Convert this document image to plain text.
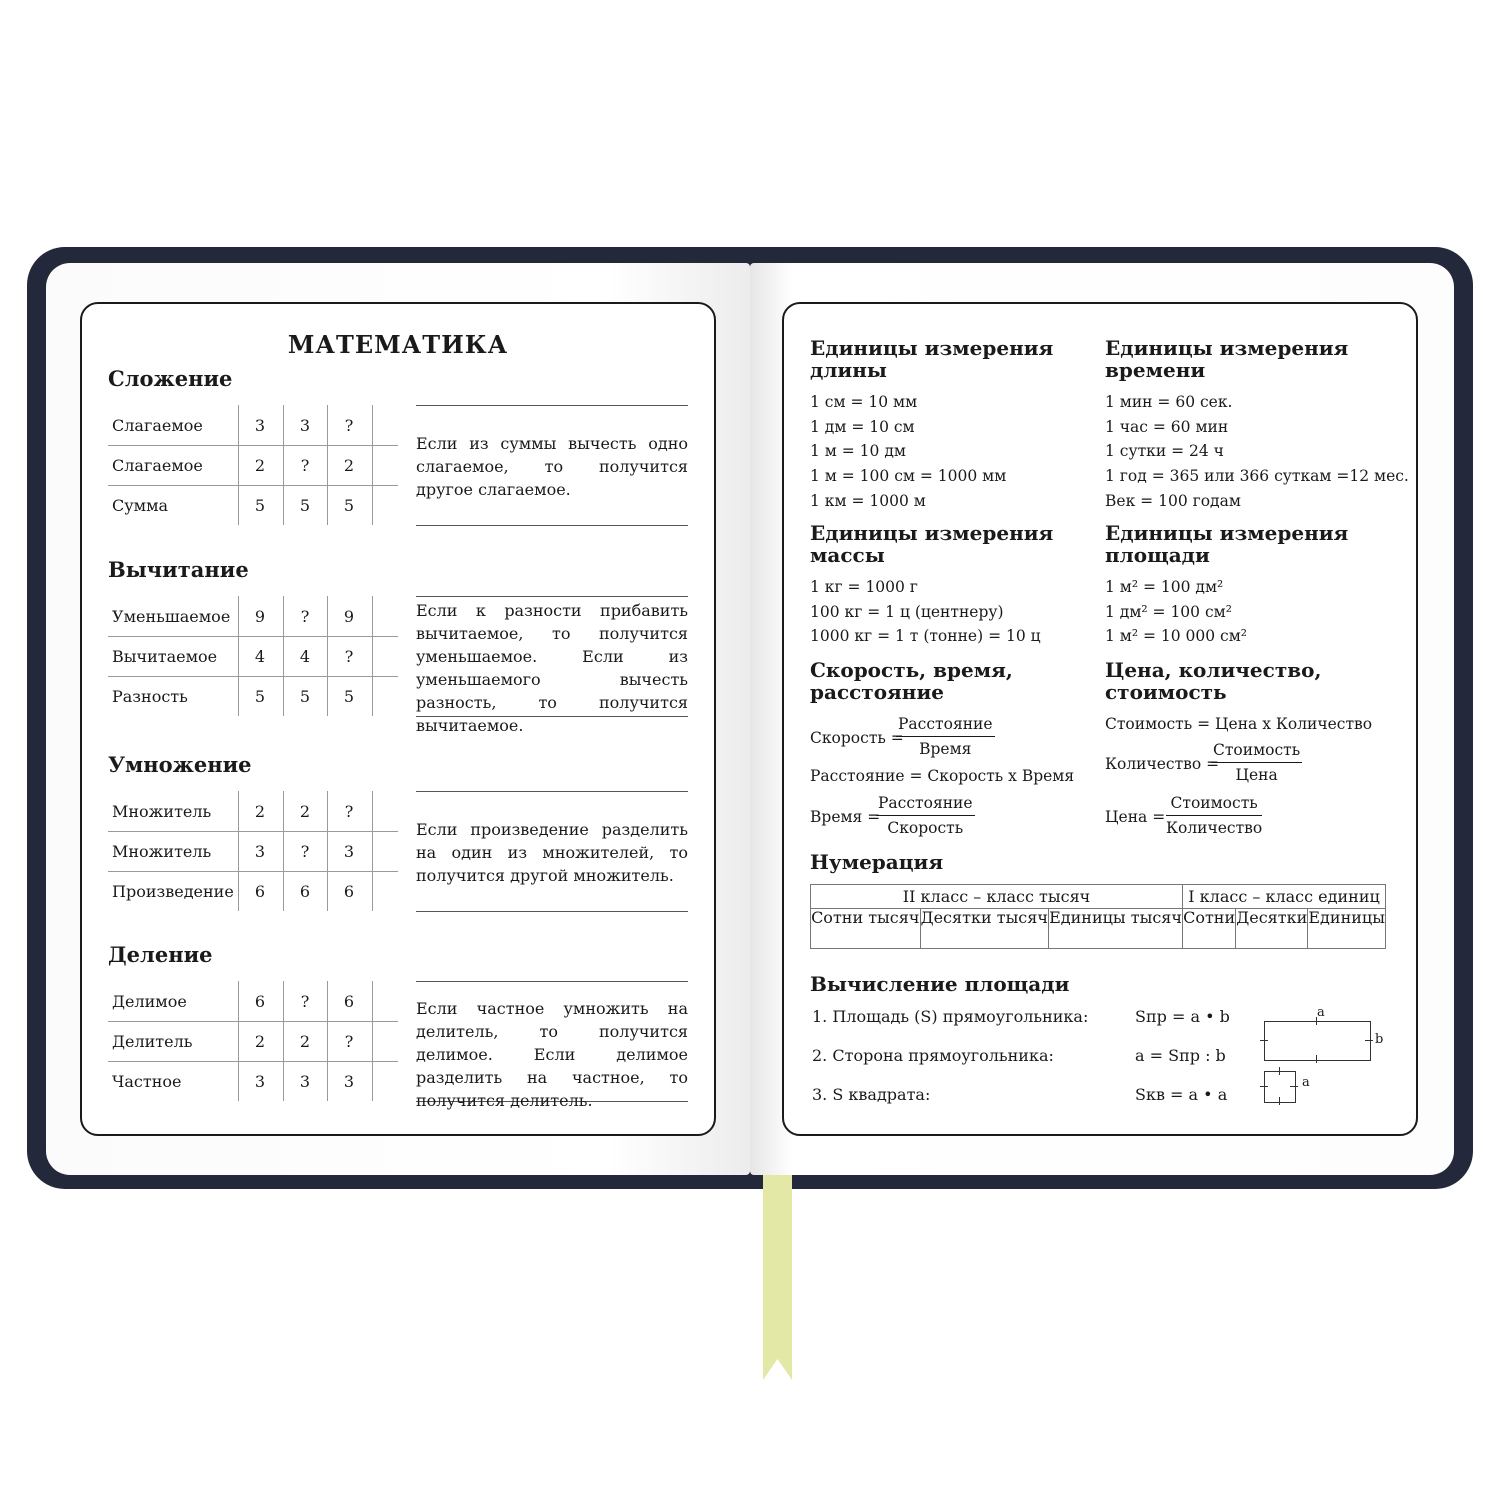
МАТЕМАТИКА
Сложение
Слагаемое	3	3	?
Слагаемое	2	?	2
Сумма	5	5	5
Если из суммы вычесть одно слагаемое, то получится другое слагаемое.
Вычитание
Уменьшаемое	9	?	9
Вычитаемое	4	4	?
Разность	5	5	5
Если к разности прибавить вычитаемое, то получится уменьшаемое. Если из уменьшаемого вычесть разность, то получится вычитаемое.
Умножение
Множитель	2	2	?
Множитель	3	?	3
Произведение	6	6	6
Если произведение разделить на один из множителей, то получится другой множитель.
Деление
Делимое	6	?	6
Делитель	2	2	?
Частное	3	3	3
Если частное умножить на делитель, то получится делимое. Если делимое разделить на частное, то получится делитель.
Единицы измерения длины
1 см = 10 мм
1 дм = 10 см
1 м = 10 дм
1 м = 100 см = 1000 мм
1 км = 1000 м
Единицы измерения времени
1 мин = 60 сек.
1 час = 60 мин
1 сутки = 24 ч
1 год = 365 или 366 суткам =12 мес.
Век = 100 годам
Единицы измерения массы
1 кг = 1000 г
100 кг = 1 ц (центнеру)
1000 кг = 1 т (тонне) = 10 ц
Единицы измерения площади
1 м² = 100 дм²
1 дм² = 100 см²
1 м² = 10 000 см²
Скорость, время, расстояние
Скорость =
Расстояние
Время
Расстояние = Скорость х Время
Время =
Расстояние
Скорость
Цена, количество, стоимость
Стоимость = Цена х Количество
Количество =
Стоимость
Цена
Цена =
Стоимость
Количество
Нумерация
II класс – класс тысяч			I класс – класс единиц		
Сотни тысяч	Десятки тысяч	Единицы тысяч	Сотни	Десятки	Единицы
Вычисление площади
1. Площадь (S) прямоугольника:	Sпр = a • b
2. Сторона прямоугольника:	a = Sпр : b
3. S квадрата:	Sкв = a • a
a
b
a
